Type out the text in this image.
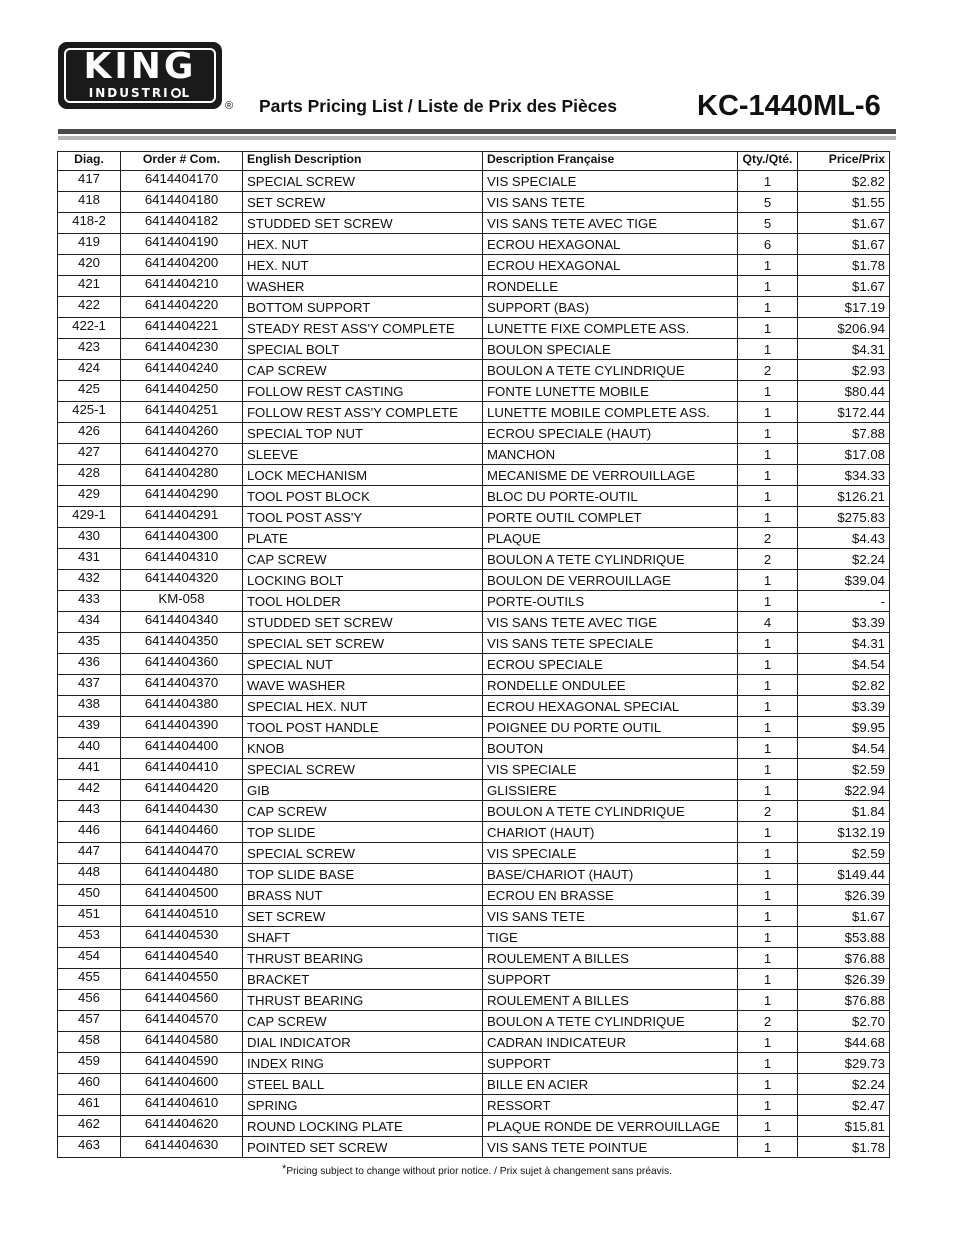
KING
INDUSTRI L
® Parts Pricing List / Liste de Prix des Pièces	KC-1440ML-6
Diag.	Order # Com.	English Description	Description Française	Qty./Qté.	Price/Prix
417	6414404170	SPECIAL SCREW	VIS SPECIALE	1	$2.82
418	6414404180	SET SCREW	VIS SANS TETE	5	$1.55
418-2	6414404182	STUDDED SET SCREW	VIS SANS TETE AVEC TIGE	5	$1.67
419	6414404190	HEX. NUT	ECROU HEXAGONAL	6	$1.67
420	6414404200	HEX. NUT	ECROU HEXAGONAL	1	$1.78
421	6414404210	WASHER	RONDELLE	1	$1.67
422	6414404220	BOTTOM SUPPORT	SUPPORT (BAS)	1	$17.19
422-1	6414404221	STEADY REST ASS'Y COMPLETE	LUNETTE FIXE COMPLETE ASS.	1	$206.94
423	6414404230	SPECIAL BOLT	BOULON SPECIALE	1	$4.31
424	6414404240	CAP SCREW	BOULON A TETE CYLINDRIQUE	2	$2.93
425	6414404250	FOLLOW REST CASTING	FONTE LUNETTE MOBILE	1	$80.44
425-1	6414404251	FOLLOW REST ASS'Y COMPLETE	LUNETTE MOBILE COMPLETE ASS.	1	$172.44
426	6414404260	SPECIAL TOP NUT	ECROU SPECIALE (HAUT)	1	$7.88
427	6414404270	SLEEVE	MANCHON	1	$17.08
428	6414404280	LOCK MECHANISM	MECANISME DE VERROUILLAGE	1	$34.33
429	6414404290	TOOL POST BLOCK	BLOC DU PORTE-OUTIL	1	$126.21
429-1	6414404291	TOOL POST ASS'Y	PORTE OUTIL COMPLET	1	$275.83
430	6414404300	PLATE	PLAQUE	2	$4.43
431	6414404310	CAP SCREW	BOULON A TETE CYLINDRIQUE	2	$2.24
432	6414404320	LOCKING BOLT	BOULON DE VERROUILLAGE	1	$39.04
433	KM-058	TOOL HOLDER	PORTE-OUTILS	1	-
434	6414404340	STUDDED SET SCREW	VIS SANS TETE AVEC TIGE	4	$3.39
435	6414404350	SPECIAL SET SCREW	VIS SANS TETE SPECIALE	1	$4.31
436	6414404360	SPECIAL NUT	ECROU SPECIALE	1	$4.54
437	6414404370	WAVE WASHER	RONDELLE ONDULEE	1	$2.82
438	6414404380	SPECIAL HEX. NUT	ECROU HEXAGONAL SPECIAL	1	$3.39
439	6414404390	TOOL POST HANDLE	POIGNEE DU PORTE OUTIL	1	$9.95
440	6414404400	KNOB	BOUTON	1	$4.54
441	6414404410	SPECIAL SCREW	VIS SPECIALE	1	$2.59
442	6414404420	GIB	GLISSIERE	1	$22.94
443	6414404430	CAP SCREW	BOULON A TETE CYLINDRIQUE	2	$1.84
446	6414404460	TOP SLIDE	CHARIOT (HAUT)	1	$132.19
447	6414404470	SPECIAL SCREW	VIS SPECIALE	1	$2.59
448	6414404480	TOP SLIDE BASE	BASE/CHARIOT (HAUT)	1	$149.44
450	6414404500	BRASS NUT	ECROU EN BRASSE	1	$26.39
451	6414404510	SET SCREW	VIS SANS TETE	1	$1.67
453	6414404530	SHAFT	TIGE	1	$53.88
454	6414404540	THRUST BEARING	ROULEMENT A BILLES	1	$76.88
455	6414404550	BRACKET	SUPPORT	1	$26.39
456	6414404560	THRUST BEARING	ROULEMENT A BILLES	1	$76.88
457	6414404570	CAP SCREW	BOULON A TETE CYLINDRIQUE	2	$2.70
458	6414404580	DIAL INDICATOR	CADRAN INDICATEUR	1	$44.68
459	6414404590	INDEX RING	SUPPORT	1	$29.73
460	6414404600	STEEL BALL	BILLE EN ACIER	1	$2.24
461	6414404610	SPRING	RESSORT	1	$2.47
462	6414404620	ROUND LOCKING PLATE	PLAQUE RONDE DE VERROUILLAGE	1	$15.81
463	6414404630	POINTED SET SCREW	VIS SANS TETE POINTUE	1	$1.78
*Pricing subject to change without prior notice. / Prix sujet à changement sans préavis.
